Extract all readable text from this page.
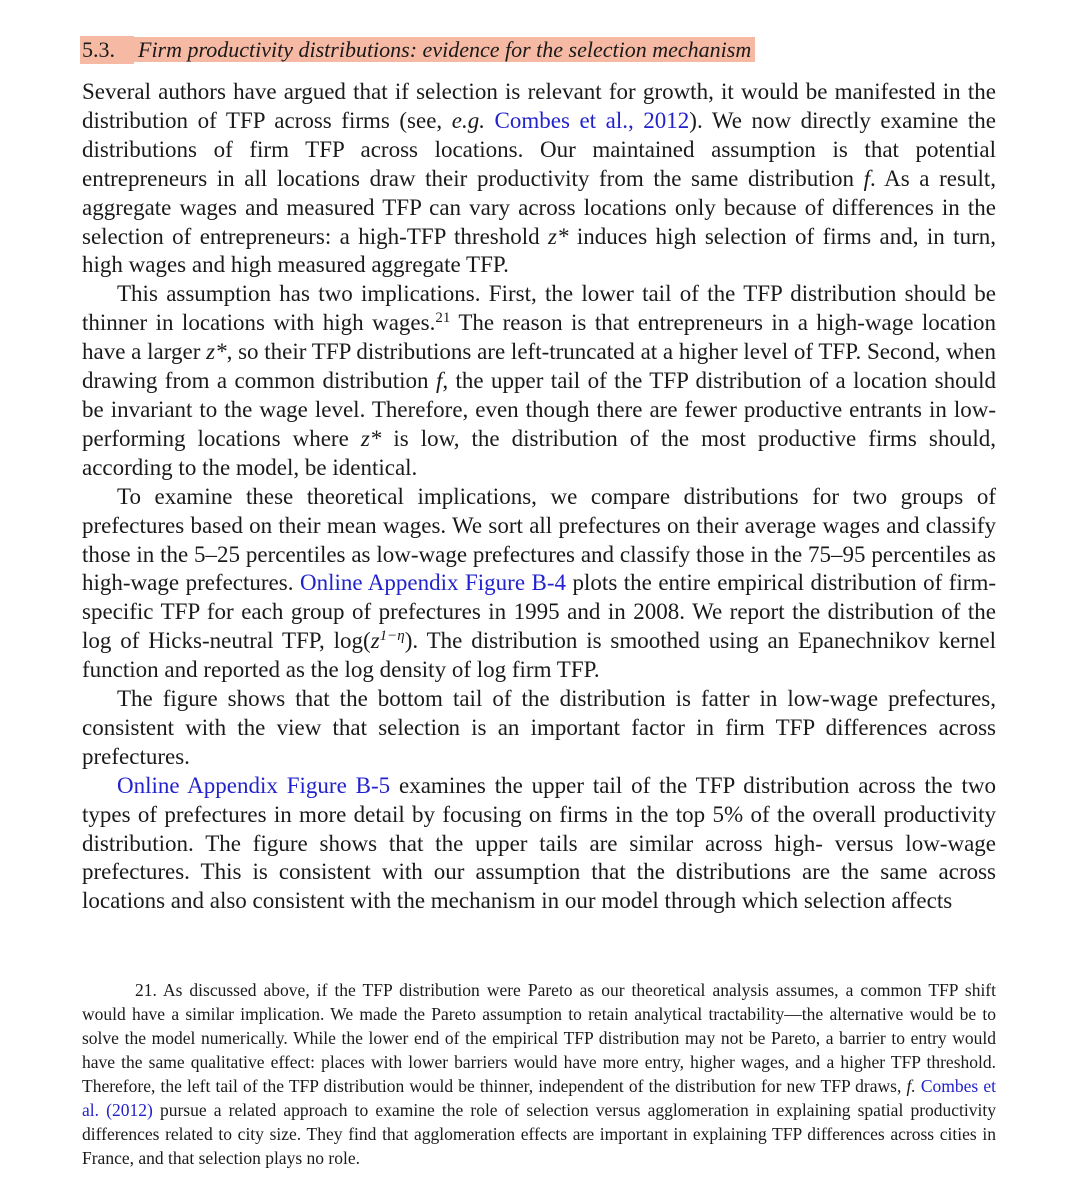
5.3. Firm productivity distributions: evidence for the selection mechanism

Several authors have argued that if selection is relevant for growth, it would be manifested in the distribution of TFP across firms (see, e.g. Combes et al., 2012). We now directly examine the distributions of firm TFP across locations. Our maintained assumption is that potential entrepreneurs in all locations draw their productivity from the same distribution f. As a result, aggregate wages and measured TFP can vary across locations only because of differences in the selection of entrepreneurs: a high-TFP threshold z* induces high selection of firms and, in turn, high wages and high measured aggregate TFP.

This assumption has two implications. First, the lower tail of the TFP distribution should be thinner in locations with high wages.$^{21}$ The reason is that entrepreneurs in a high-wage location have a larger z*, so their TFP distributions are left-truncated at a higher level of TFP. Second, when drawing from a common distribution f, the upper tail of the TFP distribution of a location should be invariant to the wage level. Therefore, even though there are fewer productive entrants in low-performing locations where z* is low, the distribution of the most productive firms should, according to the model, be identical.

To examine these theoretical implications, we compare distributions for two groups of prefectures based on their mean wages. We sort all prefectures on their average wages and classify those in the 5–25 percentiles as low-wage prefectures and classify those in the 75–95 percentiles as high-wage prefectures. Online Appendix Figure B-4 plots the entire empirical distribution of firm-specific TFP for each group of prefectures in 1995 and in 2008. We report the distribution of the log of Hicks-neutral TFP, $\log(z^{1-\eta})$. The distribution is smoothed using an Epanechnikov kernel function and reported as the log density of log firm TFP.

The figure shows that the bottom tail of the distribution is fatter in low-wage prefectures, consistent with the view that selection is an important factor in firm TFP differences across prefectures.

Online Appendix Figure B-5 examines the upper tail of the TFP distribution across the two types of prefectures in more detail by focusing on firms in the top 5% of the overall productivity distribution. The figure shows that the upper tails are similar across high- versus low-wage prefectures. This is consistent with our assumption that the distributions are the same across locations and also consistent with the mechanism in our model through which selection affects

21. As discussed above, if the TFP distribution were Pareto as our theoretical analysis assumes, a common TFP shift would have a similar implication. We made the Pareto assumption to retain analytical tractability—the alternative would be to solve the model numerically. While the lower end of the empirical TFP distribution may not be Pareto, a barrier to entry would have the same qualitative effect: places with lower barriers would have more entry, higher wages, and a higher TFP threshold. Therefore, the left tail of the TFP distribution would be thinner, independent of the distribution for new TFP draws, f. Combes et al. (2012) pursue a related approach to examine the role of selection versus agglomeration in explaining spatial productivity differences related to city size. They find that agglomeration effects are important in explaining TFP differences across cities in France, and that selection plays no role.
